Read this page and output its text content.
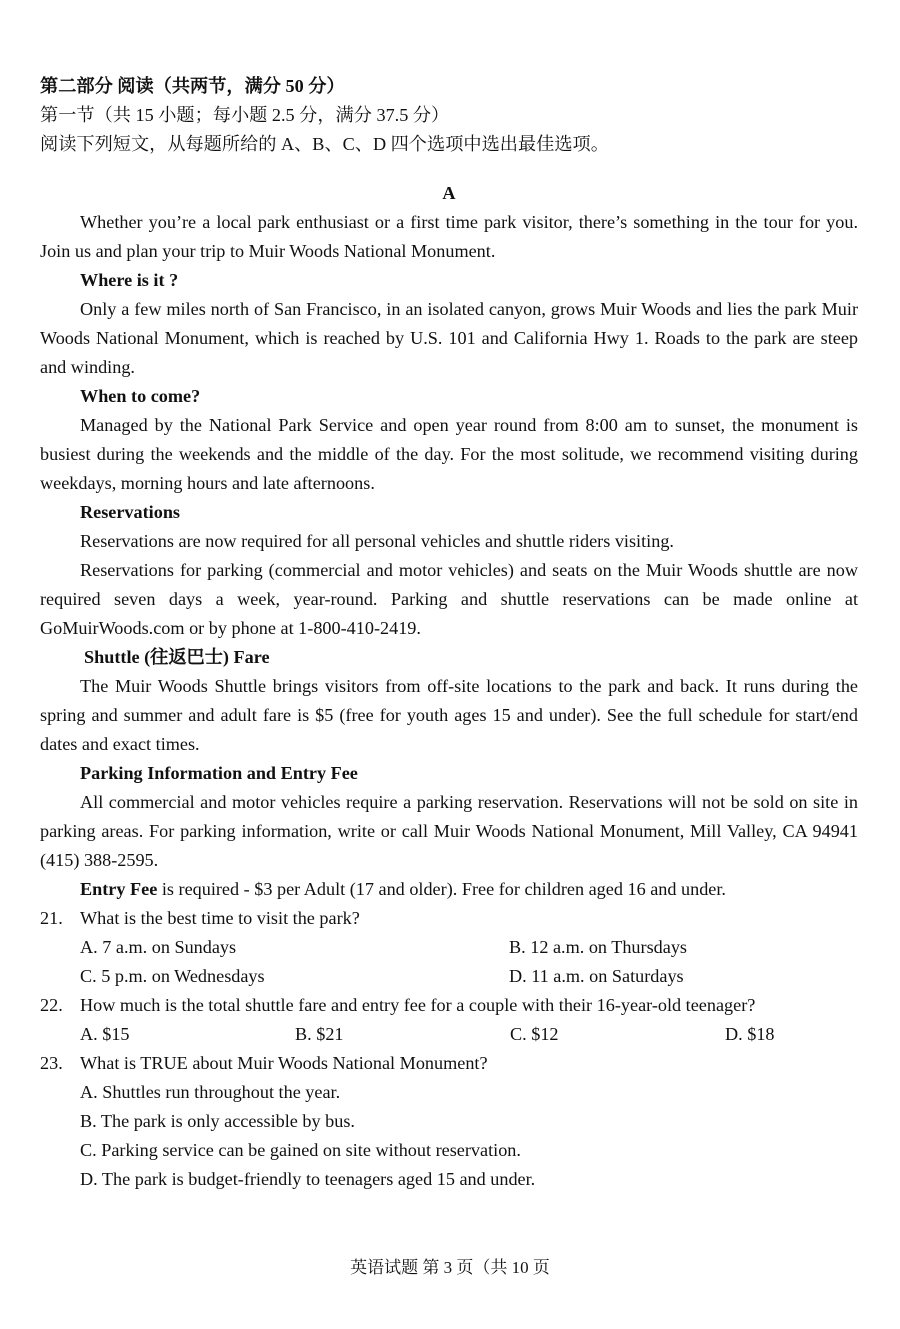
第二部分 阅读（共两节，满分 50 分）
第一节（共 15 小题；每小题 2.5 分，满分 37.5 分）
阅读下列短文，从每题所给的 A、B、C、D 四个选项中选出最佳选项。
A

Whether you’re a local park enthusiast or a first time park visitor, there’s something in the tour for you. Join us and plan your trip to Muir Woods National Monument.

Where is it ?

Only a few miles north of San Francisco, in an isolated canyon, grows Muir Woods and lies the park Muir Woods National Monument, which is reached by U.S. 101 and California Hwy 1. Roads to the park are steep and winding.

When to come?

Managed by the National Park Service and open year round from 8:00 am to sunset, the monument is busiest during the weekends and the middle of the day. For the most solitude, we recommend visiting during weekdays, morning hours and late afternoons.

Reservations

Reservations are now required for all personal vehicles and shuttle riders visiting.

Reservations for parking (commercial and motor vehicles) and seats on the Muir Woods shuttle are now required seven days a week, year-round. Parking and shuttle reservations can be made online at GoMuirWoods.com or by phone at 1-800-410-2419.

Shuttle (往返巴士) Fare

The Muir Woods Shuttle brings visitors from off-site locations to the park and back. It runs during the spring and summer and adult fare is $5 (free for youth ages 15 and under). See the full schedule for start/end dates and exact times.

Parking Information and Entry Fee

All commercial and motor vehicles require a parking reservation. Reservations will not be sold on site in parking areas. For parking information, write or call Muir Woods National Monument, Mill Valley, CA 94941 (415) 388-2595.

Entry Fee is required - $3 per Adult (17 and older). Free for children aged 16 and under.

21. What is the best time to visit the park?
A. 7 a.m. on Sundays	B. 12 a.m. on Thursdays
C. 5 p.m. on Wednesdays	D. 11 a.m. on Saturdays
22. How much is the total shuttle fare and entry fee for a couple with their 16-year-old teenager?
A. $15	B. $21	C. $12	D. $18
23. What is TRUE about Muir Woods National Monument?
A. Shuttles run throughout the year.
B. The park is only accessible by bus.
C. Parking service can be gained on site without reservation.
D. The park is budget-friendly to teenagers aged 15 and under.
英语试题 第 3 页（共 10 页
